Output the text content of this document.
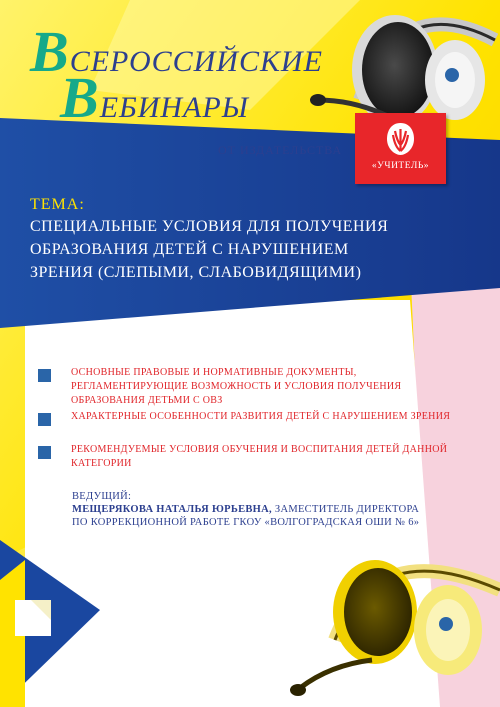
ВСЕРОССИЙСКИЕ
ВЕБИНАРЫ
ОТ ИЗДАТЕЛЬСТВА
«УЧИТЕЛЬ»
ТЕМА:
СПЕЦИАЛЬНЫЕ УСЛОВИЯ ДЛЯ ПОЛУЧЕНИЯ
ОБРАЗОВАНИЯ ДЕТЕЙ С НАРУШЕНИЕМ
ЗРЕНИЯ (СЛЕПЫМИ, СЛАБОВИДЯЩИМИ)
ОСНОВНЫЕ ПРАВОВЫЕ И НОРМАТИВНЫЕ ДОКУМЕНТЫ, РЕГЛАМЕНТИРУЮЩИЕ ВОЗМОЖНОСТЬ И УСЛОВИЯ ПОЛУЧЕНИЯ ОБРАЗОВАНИЯ ДЕТЬМИ С ОВЗ
ХАРАКТЕРНЫЕ ОСОБЕННОСТИ РАЗВИТИЯ ДЕТЕЙ С НАРУШЕНИЕМ ЗРЕНИЯ
РЕКОМЕНДУЕМЫЕ УСЛОВИЯ ОБУЧЕНИЯ И ВОСПИТАНИЯ ДЕТЕЙ ДАННОЙ КАТЕГОРИИ
ВЕДУЩИЙ:
МЕЩЕРЯКОВА НАТАЛЬЯ ЮРЬЕВНА, ЗАМЕСТИТЕЛЬ ДИРЕКТОРА
ПО КОРРЕКЦИОННОЙ РАБОТЕ ГКОУ «ВОЛГОГРАДСКАЯ ОШИ № 6»
